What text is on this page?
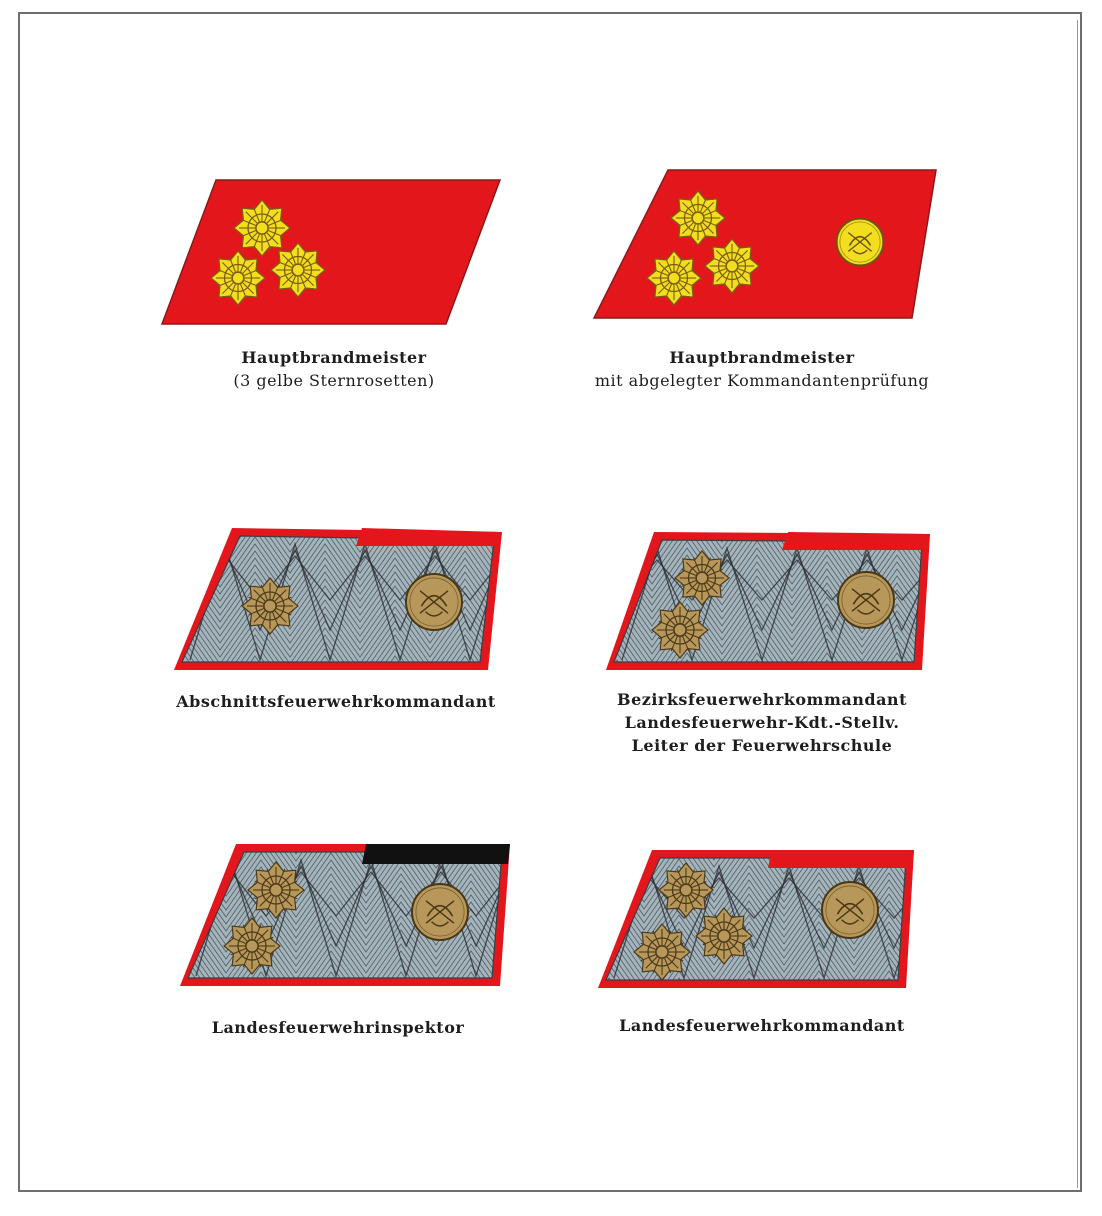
Hauptbrandmeister
(3 gelbe Sternrosetten)
Hauptbrandmeister
mit abgelegter Kommandantenprüfung
Abschnittsfeuerwehrkommandant	Bezirksfeuerwehrkommandant
Landesfeuerwehr-Kdt.-Stellv.
Leiter der Feuerwehrschule
Landesfeuerwehrinspektor	Landesfeuerwehrkommandant
